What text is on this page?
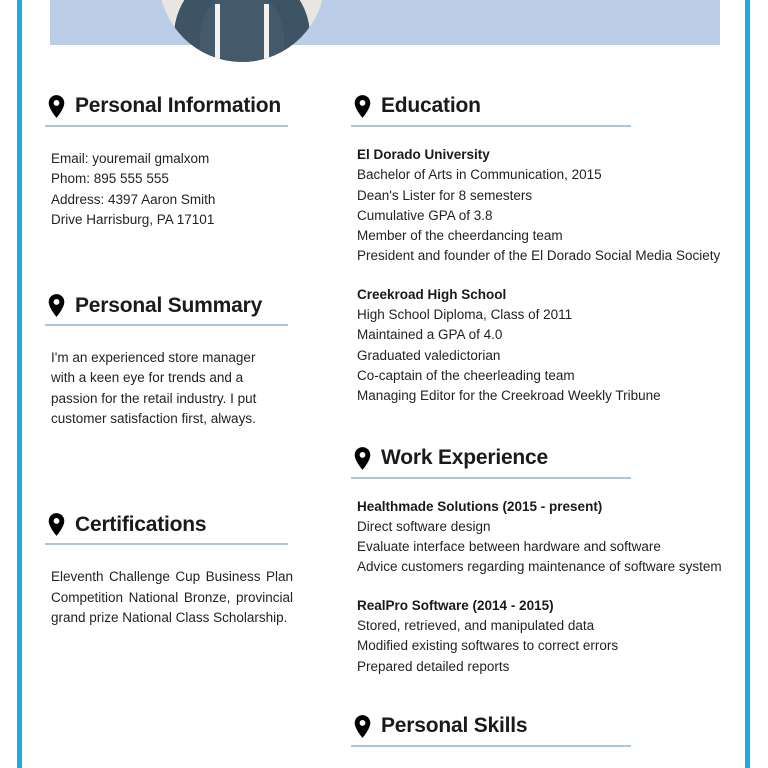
Personal Information
Email: youremail gmalxom
Phom: 895 555 555
Address: 4397 Aaron Smith
Drive Harrisburg, PA 17101
Personal Summary
I'm an experienced store manager
with a keen eye for trends and a
passion for the retail industry. I put
customer satisfaction first, always.
Certifications
Eleventh Challenge Cup Business Plan Competition National Bronze, provincial grand prize National Class Scholarship.
Education
El Dorado University
Bachelor of Arts in Communication, 2015
Dean's Lister for 8 semesters
Cumulative GPA of 3.8
Member of the cheerdancing team
President and founder of the El Dorado Social Media Society
Creekroad High School
High School Diploma, Class of 2011
Maintained a GPA of 4.0
Graduated valedictorian
Co-captain of the cheerleading team
Managing Editor for the Creekroad Weekly Tribune
Work Experience
Healthmade Solutions (2015 - present)
Direct software design
Evaluate interface between hardware and software
Advice customers regarding maintenance of software system
RealPro Software (2014 - 2015)
Stored, retrieved, and manipulated data
Modified existing softwares to correct errors
Prepared detailed reports
Personal Skills
